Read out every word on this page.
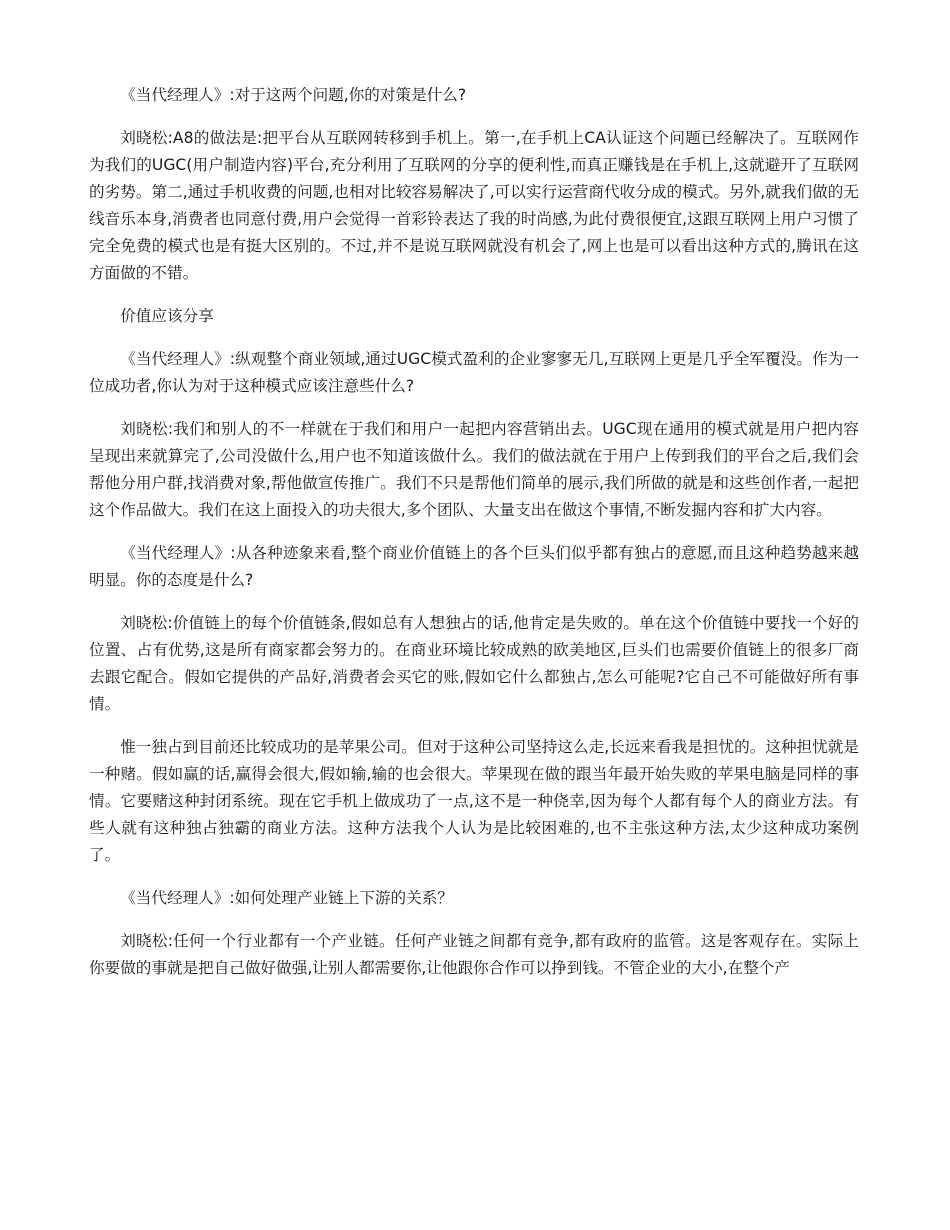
《当代经理人》:对于这两个问题,你的对策是什么?

刘晓松:A8的做法是:把平台从互联网转移到手机上。第一,在手机上CA认证这个问题已经解决了。互联网作为我们的UGC(用户制造内容)平台,充分利用了互联网的分享的便利性,而真正赚钱是在手机上,这就避开了互联网的劣势。第二,通过手机收费的问题,也相对比较容易解决了,可以实行运营商代收分成的模式。另外,就我们做的无线音乐本身,消费者也同意付费,用户会觉得一首彩铃表达了我的时尚感,为此付费很便宜,这跟互联网上用户习惯了完全免费的模式也是有挺大区别的。不过,并不是说互联网就没有机会了,网上也是可以看出这种方式的,腾讯在这方面做的不错。

价值应该分享

《当代经理人》:纵观整个商业领域,通过UGC模式盈利的企业寥寥无几,互联网上更是几乎全军覆没。作为一位成功者,你认为对于这种模式应该注意些什么?

刘晓松:我们和别人的不一样就在于我们和用户一起把内容营销出去。UGC现在通用的模式就是用户把内容呈现出来就算完了,公司没做什么,用户也不知道该做什么。我们的做法就在于用户上传到我们的平台之后,我们会帮他分用户群,找消费对象,帮他做宣传推广。我们不只是帮他们简单的展示,我们所做的就是和这些创作者,一起把这个作品做大。我们在这上面投入的功夫很大,多个团队、大量支出在做这个事情,不断发掘内容和扩大内容。

《当代经理人》:从各种迹象来看,整个商业价值链上的各个巨头们似乎都有独占的意愿,而且这种趋势越来越明显。你的态度是什么?

刘晓松:价值链上的每个价值链条,假如总有人想独占的话,他肯定是失败的。单在这个价值链中要找一个好的位置、占有优势,这是所有商家都会努力的。在商业环境比较成熟的欧美地区,巨头们也需要价值链上的很多厂商去跟它配合。假如它提供的产品好,消费者会买它的账,假如它什么都独占,怎么可能呢?它自己不可能做好所有事情。

惟一独占到目前还比较成功的是苹果公司。但对于这种公司坚持这么走,长远来看我是担忧的。这种担忧就是一种赌。假如赢的话,赢得会很大,假如输,输的也会很大。苹果现在做的跟当年最开始失败的苹果电脑是同样的事情。它要赌这种封闭系统。现在它手机上做成功了一点,这不是一种侥幸,因为每个人都有每个人的商业方法。有些人就有这种独占独霸的商业方法。这种方法我个人认为是比较困难的,也不主张这种方法,太少这种成功案例了。

《当代经理人》:如何处理产业链上下游的关系？

刘晓松:任何一个行业都有一个产业链。任何产业链之间都有竞争,都有政府的监管。这是客观存在。实际上你要做的事就是把自己做好做强,让别人都需要你,让他跟你合作可以挣到钱。不管企业的大小,在整个产
